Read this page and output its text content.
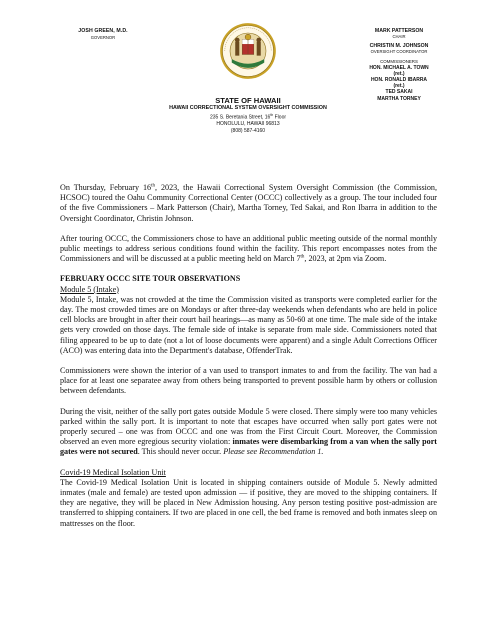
JOSH GREEN, M.D.
GOVERNOR
MARK PATTERSON
CHAIR
CHRISTIN M. JOHNSON
OVERSIGHT COORDINATOR
COMMISSIONERS
HON. MICHAEL A. TOWN
(ret.)
HON. RONALD IBARRA
(ret.)
TED SAKAI
MARTHA TORNEY
STATE OF HAWAII
HAWAII CORRECTIONAL SYSTEM OVERSIGHT COMMISSION
235 S. Beretania Street, 16th Floor
HONOLULU, HAWAII 96813
(808) 587-4160

On Thursday, February 16th, 2023, the Hawaii Correctional System Oversight Commission (the Commission, HCSOC) toured the Oahu Community Correctional Center (OCCC) collectively as a group. The tour included four of the five Commissioners – Mark Patterson (Chair), Martha Torney, Ted Sakai, and Ron Ibarra in addition to the Oversight Coordinator, Christin Johnson.

After touring OCCC, the Commissioners chose to have an additional public meeting outside of the normal monthly public meetings to address serious conditions found within the facility. This report encompasses notes from the Commissioners and will be discussed at a public meeting held on March 7th, 2023, at 2pm via Zoom.

FEBRUARY OCCC SITE TOUR OBSERVATIONS
Module 5 (Intake)

Module 5, Intake, was not crowded at the time the Commission visited as transports were completed earlier for the day. The most crowded times are on Mondays or after three-day weekends when defendants who are held in police cell blocks are brought in after their court bail hearings—as many as 50-60 at one time. The male side of the intake gets very crowded on those days. The female side of intake is separate from male side. Commissioners noted that filing appeared to be up to date (not a lot of loose documents were apparent) and a single Adult Corrections Officer (ACO) was entering data into the Department's database, OffenderTrak.

Commissioners were shown the interior of a van used to transport inmates to and from the facility. The van had a place for at least one separatee away from others being transported to prevent possible harm by others or collusion between defendants.

During the visit, neither of the sally port gates outside Module 5 were closed. There simply were too many vehicles parked within the sally port. It is important to note that escapes have occurred when sally port gates were not properly secured – one was from OCCC and one was from the First Circuit Court. Moreover, the Commission observed an even more egregious security violation: inmates were disembarking from a van when the sally port gates were not secured. This should never occur. Please see Recommendation 1.

Covid-19 Medical Isolation Unit

The Covid-19 Medical Isolation Unit is located in shipping containers outside of Module 5. Newly admitted inmates (male and female) are tested upon admission — if positive, they are moved to the shipping containers. If they are negative, they will be placed in New Admission housing. Any person testing positive post-admission are transferred to shipping containers. If two are placed in one cell, the bed frame is removed and both inmates sleep on mattresses on the floor.
